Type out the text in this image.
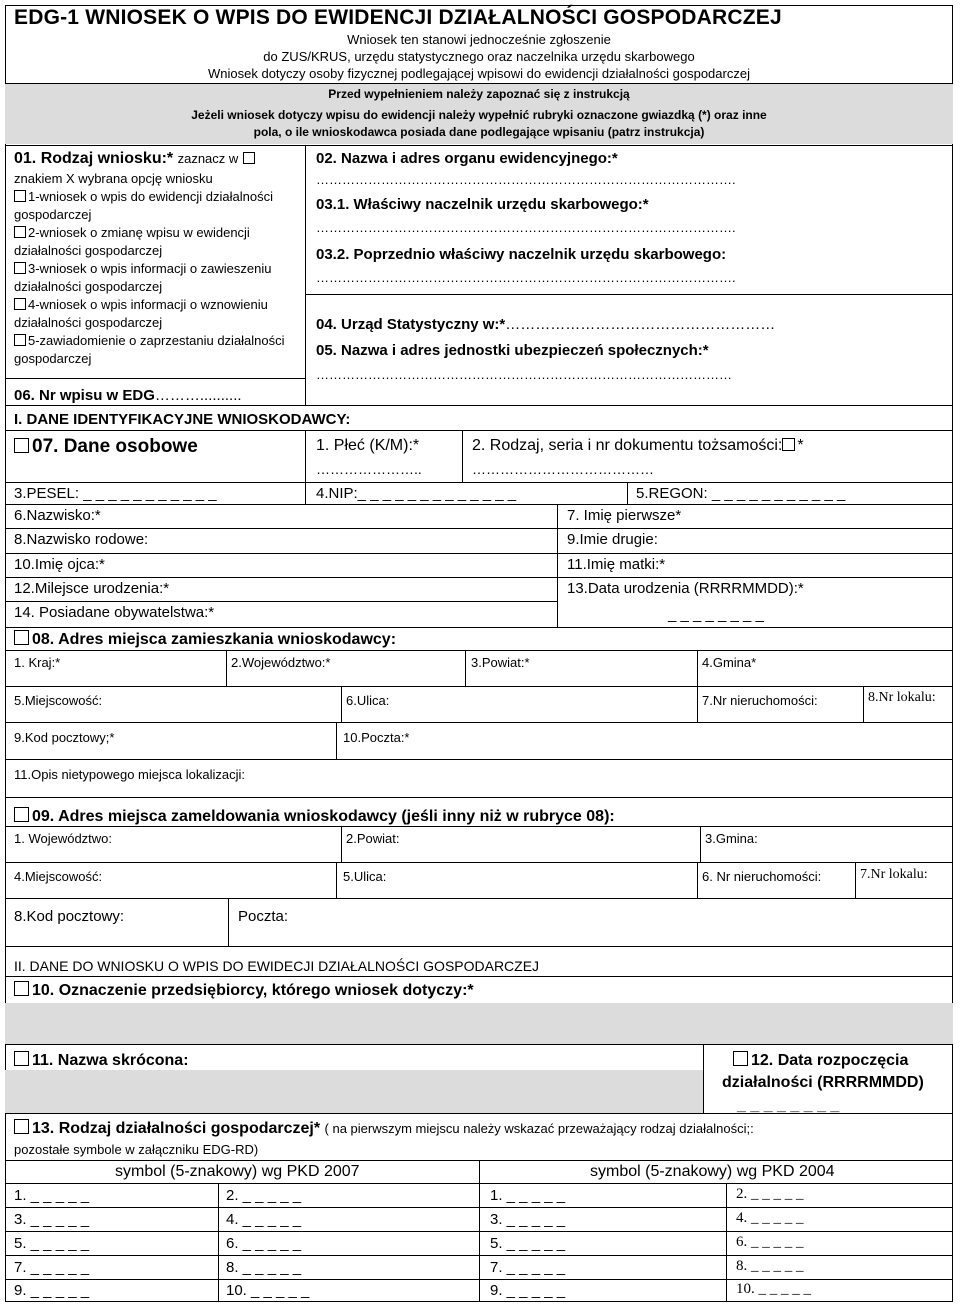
EDG-1 WNIOSEK O WPIS DO EWIDENCJI DZIAŁALNOŚCI GOSPODARCZEJ
Wniosek ten stanowi jednocześnie zgłoszenie
do ZUS/KRUS, urzędu statystycznego oraz naczelnika urzędu skarbowego
Wniosek dotyczy osoby fizycznej podlegającej wpisowi do ewidencji działalności gospodarczej
Przed wypełnieniem należy zapoznać się z instrukcją
Jeżeli wniosek dotyczy wpisu do ewidencji należy wypełnić rubryki oznaczone gwiazdką (*) oraz inne
pola, o ile wnioskodawca posiada dane podlegające wpisaniu (patrz instrukcja)
01. Rodzaj wniosku:* zaznacz w
znakiem X wybrana opcję wniosku
1-wniosek o wpis do ewidencji działalności
gospodarczej
2-wniosek o zmianę wpisu w ewidencji
działalności gospodarczej
3-wniosek o wpis informacji o zawieszeniu
działalności gospodarczej
4-wniosek o wpis informacji o wznowieniu
działalności gospodarczej
5-zawiadomienie o zaprzestaniu działalności
gospodarczej
06. Nr wpisu w EDG………..........
02. Nazwa i adres organu ewidencyjnego:*
…………………………………………………………………………………….
03.1. Właściwy naczelnik urzędu skarbowego:*
…………………………………………………………………………………….
03.2. Poprzednio właściwy naczelnik urzędu skarbowego:
…………………………………………………………………………………….
04. Urząd Statystyczny w:*………………………………………………
05. Nazwa i adres jednostki ubezpieczeń społecznych:*
……………………………………………………………………………………
I. DANE IDENTYFIKACYJNE WNIOSKODAWCY:
07. Dane osobowe	1. Płeć (K/M):*
…………………..
2. Rodzaj, seria i nr dokumentu tożsamości: *
…………………………………
3.PESEL: _ _ _ _ _ _ _ _ _ _ _	4.NIP:_ _ _ _ _ _ _ _ _ _ _ _ _	5.REGON: _ _ _ _ _ _ _ _ _ _ _
6.Nazwisko:*	7. Imię pierwsze*
8.Nazwisko rodowe:	9.Imie drugie:
10.Imię ojca:*	11.Imię matki:*
12.Milejsce urodzenia:*	13.Data urodzenia (RRRRMMDD):*
14. Posiadane obywatelstwa:*	_ _ _ _ _ _ _ _
08. Adres miejsca zamieszkania wnioskodawcy:
1. Kraj:*	2.Województwo:*	3.Powiat:*	4.Gmina*
5.Miejscowość:	6.Ulica:	7.Nr nieruchomości:	8.Nr lokalu:
9.Kod pocztowy;*	10.Poczta:*
11.Opis nietypowego miejsca lokalizacji:
09. Adres miejsca zameldowania wnioskodawcy (jeśli inny niż w rubryce 08):
1. Województwo:	2.Powiat:	3.Gmina:
4.Miejscowość:	5.Ulica:	6. Nr nieruchomości:	7.Nr lokalu:
8.Kod pocztowy:	Poczta:
II. DANE DO WNIOSKU O WPIS DO EWIDECJI DZIAŁALNOŚCI GOSPODARCZEJ
10. Oznaczenie przedsiębiorcy, którego wniosek dotyczy:*
11. Nazwa skrócona:	12. Data rozpoczęcia
działalności (RRRRMMDD)
_ _ _ _ _ _ _ _
13. Rodzaj działalności gospodarczej* ( na pierwszym miejscu należy wskazać przeważający rodzaj działalności;:
pozostałe symbole w załączniku EDG-RD)
symbol (5-znakowy) wg PKD 2007	symbol (5-znakowy) wg PKD 2004
1. _ _ _ _ _	2. _ _ _ _ _	1. _ _ _ _ _	2. _ _ _ _ _
3. _ _ _ _ _	4. _ _ _ _ _	3. _ _ _ _ _	4. _ _ _ _ _
5. _ _ _ _ _	6. _ _ _ _ _	5. _ _ _ _ _	6. _ _ _ _ _
7. _ _ _ _ _	8. _ _ _ _ _	7. _ _ _ _ _	8. _ _ _ _ _
9. _ _ _ _ _	10. _ _ _ _ _	9. _ _ _ _ _	10. _ _ _ _ _
